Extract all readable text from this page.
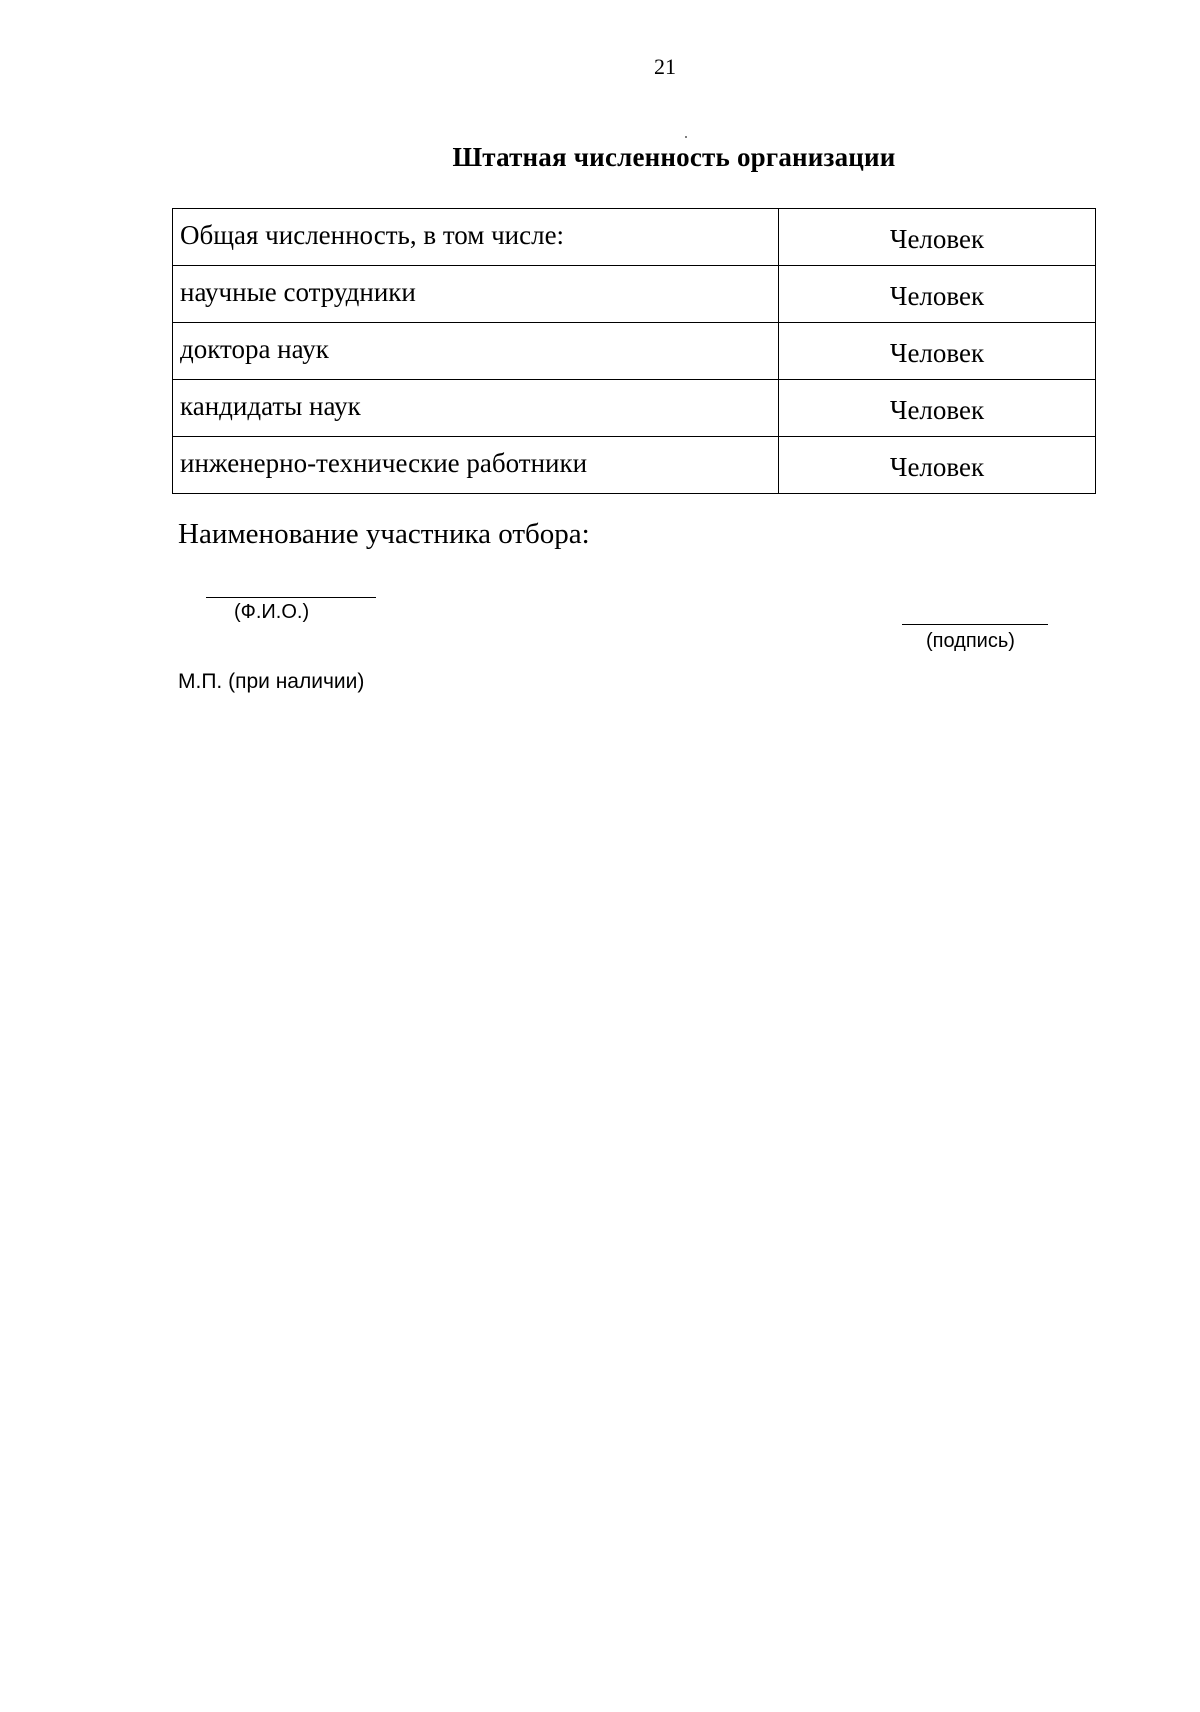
21
Штатная численность организации
Общая численность, в том числе:	Человек
научные сотрудники	Человек
доктора наук	Человек
кандидаты наук	Человек
инженерно-технические работники	Человек
Наименование участника отбора:
(Ф.И.О.)
(подпись)
М.П. (при наличии)
